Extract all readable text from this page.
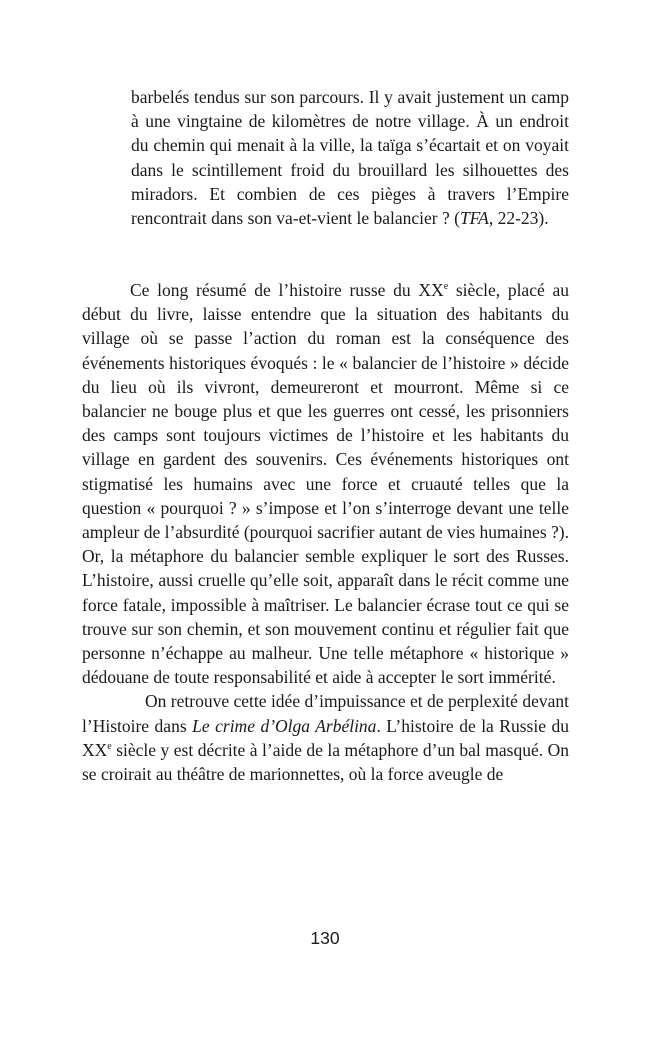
barbelés tendus sur son parcours. Il y avait justement un camp à une vingtaine de kilomètres de notre village. À un endroit du chemin qui menait à la ville, la taïga s’écartait et on voyait dans le scintillement froid du brouillard les silhouettes des miradors. Et combien de ces pièges à travers l’Empire rencontrait dans son va-et-vient le balancier ? (TFA, 22-23).

Ce long résumé de l’histoire russe du XXe siècle, placé au début du livre, laisse entendre que la situation des habitants du village où se passe l’action du roman est la conséquence des événements historiques évoqués : le « balancier de l’histoire » décide du lieu où ils vivront, demeureront et mourront. Même si ce balancier ne bouge plus et que les guerres ont cessé, les prisonniers des camps sont toujours victimes de l’histoire et les habitants du village en gardent des souvenirs. Ces événements historiques ont stigmatisé les humains avec une force et cruauté telles que la question « pourquoi ? » s’impose et l’on s’interroge devant une telle ampleur de l’absurdité (pourquoi sacrifier autant de vies humaines ?). Or, la métaphore du balancier semble expliquer le sort des Russes. L’histoire, aussi cruelle qu’elle soit, apparaît dans le récit comme une force fatale, impossible à maîtriser. Le balancier écrase tout ce qui se trouve sur son chemin, et son mouvement continu et régulier fait que personne n’échappe au malheur. Une telle métaphore « historique » dédouane de toute responsabilité et aide à accepter le sort immérité.

On retrouve cette idée d’impuissance et de perplexité devant l’Histoire dans Le crime d’Olga Arbélina. L’histoire de la Russie du XXe siècle y est décrite à l’aide de la métaphore d’un bal masqué. On se croirait au théâtre de marionnettes, où la force aveugle de

130
